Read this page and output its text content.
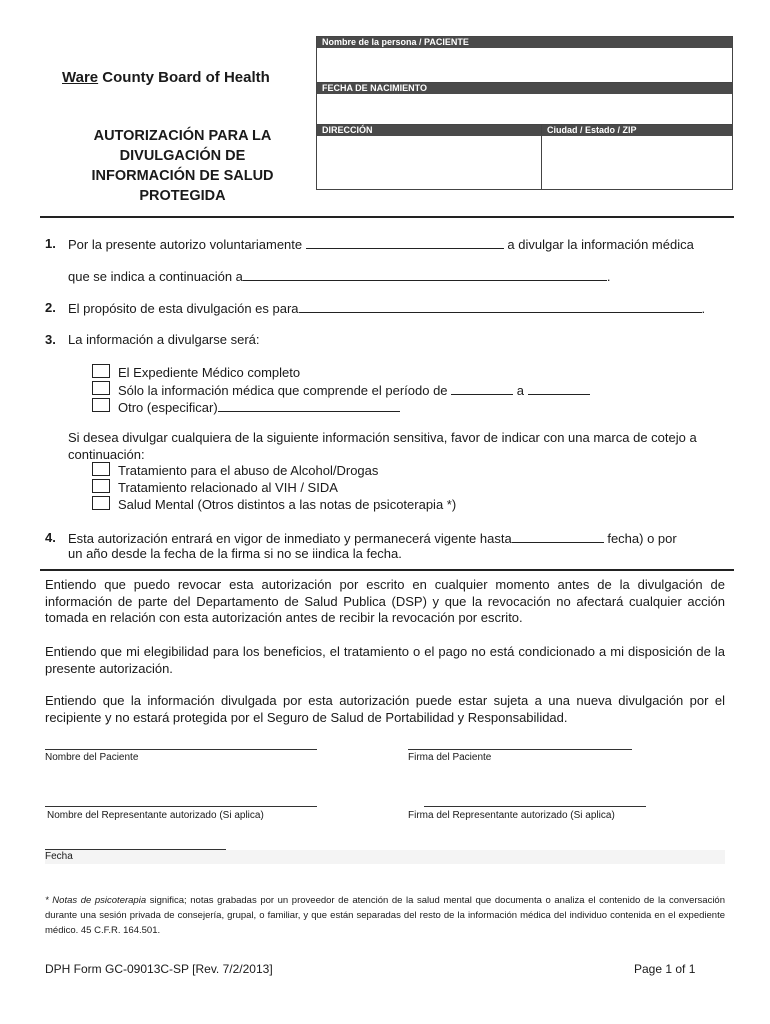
Ware County Board of Health
AUTORIZACIÓN PARA LA
DIVULGACIÓN DE
INFORMACIÓN DE SALUD
PROTEGIDA
Nombre de la persona / PACIENTE
FECHA DE NACIMIENTO
DIRECCIÓN	Ciudad / Estado / ZIP
1. Por la presente autorizo voluntariamente	a divulgar la información médica
que se indica a continuación a	.
2. El propósito de esta divulgación es para	.
3. La información a divulgarse será:
El Expediente Médico completo
Sólo la información médica que comprende el período de	a
Otro (especificar)
Si desea divulgar cualquiera de la siguiente información sensitiva, favor de indicar con una marca de cotejo a continuación:
Tratamiento para el abuso de Alcohol/Drogas
Tratamiento relacionado al VIH / SIDA
Salud Mental (Otros distintos a las notas de psicoterapia *)
4. Esta autorización entrará en vigor de inmediato y permanecerá vigente hasta	fecha) o por
un año desde la fecha de la firma si no se iindica la fecha.
Entiendo que puedo revocar esta autorización por escrito en cualquier momento antes de la divulgación de información de parte del Departamento de Salud Publica (DSP) y que la revocación no afectará cualquier acción tomada en relación con esta autorización antes de recibir la revocación por escrito.
Entiendo que mi elegibilidad para los beneficios, el tratamiento o el pago no está condicionado a mi disposición de la presente autorización.
Entiendo que la información divulgada por esta autorización puede estar sujeta a una nueva divulgación por el recipiente y no estará protegida por el Seguro de Salud de Portabilidad y Responsabilidad.
Nombre del Paciente	Firma del Paciente
Nombre del Representante autorizado (Si aplica)	Firma del Representante autorizado (Si aplica)
Fecha
* Notas de psicoterapia significa; notas grabadas por un proveedor de atención de la salud mental que documenta o analiza el contenido de la conversación durante una sesión privada de consejería, grupal, o familiar, y que están separadas del resto de la información médica del individuo contenida en el expediente médico. 45 C.F.R. 164.501.
DPH Form GC-09013C-SP [Rev. 7/2/2013]	Page 1 of 1
